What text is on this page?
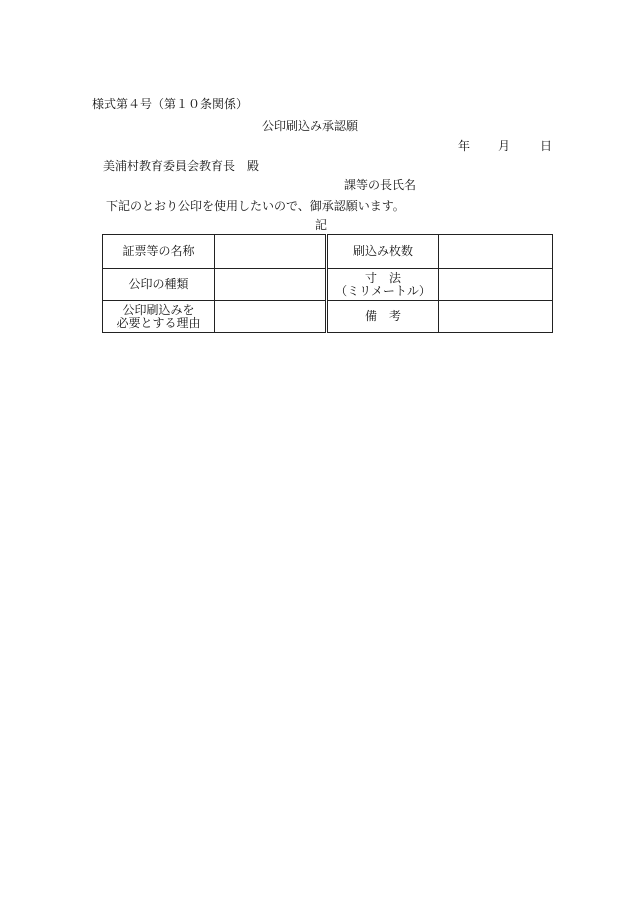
様式第４号（第１０条関係）
公印刷込み承認願
年 月 日
美浦村教育委員会教育長　殿
課等の長氏名
下記のとおり公印を使用したいので、御承認願います。
記
証票等の名称		刷込み枚数	
公印の種類		寸　法
（ミリメートル）	

公印刷込みを
必要とする理由		備　考	
